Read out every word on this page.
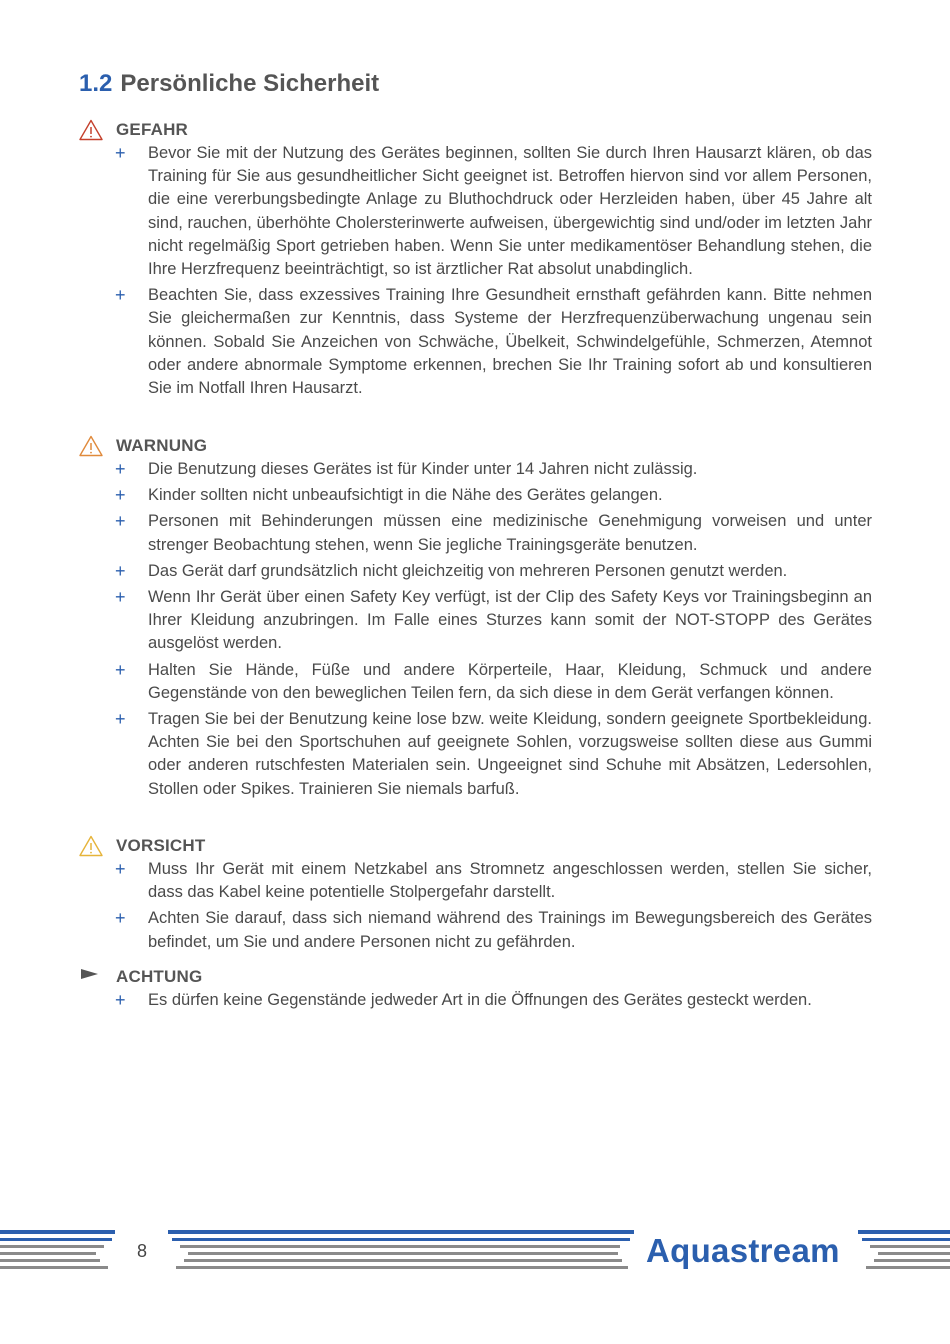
1.2 Persönliche Sicherheit
GEFAHR
+ Bevor Sie mit der Nutzung des Gerätes beginnen, sollten Sie durch Ihren Hausarzt klären, ob das Training für Sie aus gesundheitlicher Sicht geeignet ist. Betroffen hiervon sind vor allem Personen, die eine vererbungsbedingte Anlage zu Bluthochdruck oder Herzleiden haben, über 45 Jahre alt sind, rauchen, überhöhte Cholersterinwerte aufweisen, übergewichtig sind und/oder im letzten Jahr nicht regelmäßig Sport getrieben haben. Wenn Sie unter medikamentöser Behandlung stehen, die Ihre Herzfrequenz beeinträchtigt, so ist ärztlicher Rat absolut unabdinglich.
+ Beachten Sie, dass exzessives Training Ihre Gesundheit ernsthaft gefährden kann. Bitte nehmen Sie gleichermaßen zur Kenntnis, dass Systeme der Herzfrequenzüberwachung ungenau sein können. Sobald Sie Anzeichen von Schwäche, Übelkeit, Schwindelgefühle, Schmerzen, Atemnot oder andere abnormale Symptome erkennen, brechen Sie Ihr Training sofort ab und konsultieren Sie im Notfall Ihren Hausarzt.
WARNUNG
+ Die Benutzung dieses Gerätes ist für Kinder unter 14 Jahren nicht zulässig.
+ Kinder sollten nicht unbeaufsichtigt in die Nähe des Gerätes gelangen.
+ Personen mit Behinderungen müssen eine medizinische Genehmigung vorweisen und unter strenger Beobachtung stehen, wenn Sie jegliche Trainingsgeräte benutzen.
+ Das Gerät darf grundsätzlich nicht gleichzeitig von mehreren Personen genutzt werden.
+ Wenn Ihr Gerät über einen Safety Key verfügt, ist der Clip des Safety Keys vor Trainingsbeginn an Ihrer Kleidung anzubringen. Im Falle eines Sturzes kann somit der NOT-STOPP des Gerätes ausgelöst werden.
+ Halten Sie Hände, Füße und andere Körperteile, Haar, Kleidung, Schmuck und andere Gegenstände von den beweglichen Teilen fern, da sich diese in dem Gerät verfangen können.
+ Tragen Sie bei der Benutzung keine lose bzw. weite Kleidung, sondern geeignete Sportbekleidung. Achten Sie bei den Sportschuhen auf geeignete Sohlen, vorzugsweise sollten diese aus Gummi oder anderen rutschfesten Materialen sein. Ungeeignet sind Schuhe mit Absätzen, Ledersohlen, Stollen oder Spikes. Trainieren Sie niemals barfuß.
VORSICHT
+ Muss Ihr Gerät mit einem Netzkabel ans Stromnetz angeschlossen werden, stellen Sie sicher, dass das Kabel keine potentielle Stolpergefahr darstellt.
+ Achten Sie darauf, dass sich niemand während des Trainings im Bewegungsbereich des Gerätes befindet, um Sie und andere Personen nicht zu gefährden.
ACHTUNG
+ Es dürfen keine Gegenstände jedweder Art in die Öffnungen des Gerätes gesteckt werden.
8	Aquastream
